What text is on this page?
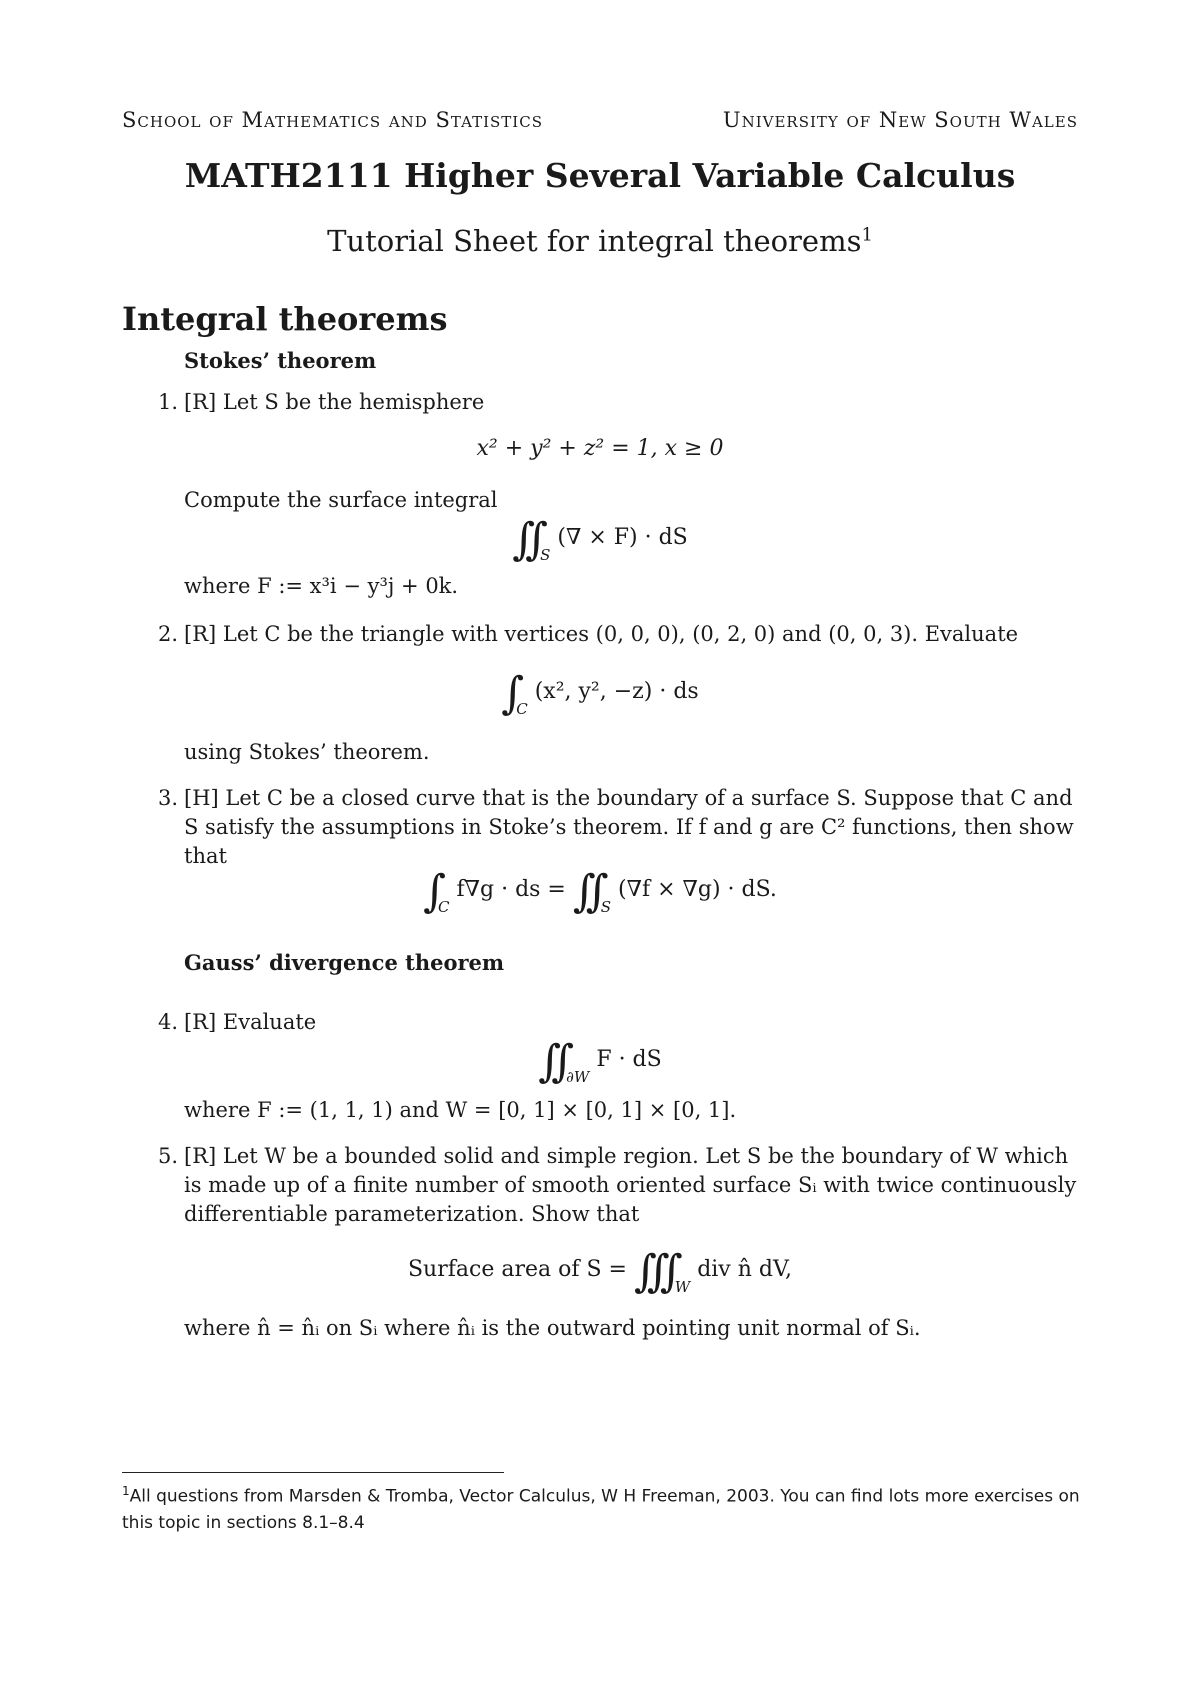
School of Mathematics and Statistics	University of New South Wales
MATH2111 Higher Several Variable Calculus
Tutorial Sheet for integral theorems$^1$
Integral theorems
Stokes’ theorem
1. [R] Let S be the hemisphere
x² + y² + z² = 1, x ≥ 0
Compute the surface integral
∫∫ $_S$ (∇ × F) · dS
where F := x³i − y³j + 0k.
2. [R] Let C be the triangle with vertices (0, 0, 0), (0, 2, 0) and (0, 0, 3). Evaluate
∫ $_C$ (x², y², −z) · ds
using Stokes’ theorem.
3. [H] Let C be a closed curve that is the boundary of a surface S. Suppose that C and S satisfy the assumptions in Stoke’s theorem. If f and g are C² functions, then show that
∫ $_C$ f∇g · ds = ∫∫ $_S$ (∇f × ∇g) · dS.
Gauss’ divergence theorem
4. [R] Evaluate
∫∫ $_{\partial W}$ F · dS
where F := (1, 1, 1) and W = [0, 1] × [0, 1] × [0, 1].
5. [R] Let W be a bounded solid and simple region. Let S be the boundary of W which is made up of a finite number of smooth oriented surface Sᵢ with twice continuously differentiable parameterization. Show that
Surface area of S = ∫∫∫ $_W$ div n̂ dV,
where n̂ = n̂ᵢ on Sᵢ where n̂ᵢ is the outward pointing unit normal of Sᵢ.
$^1$All questions from Marsden & Tromba, Vector Calculus, W H Freeman, 2003. You can find lots more exercises on this topic in sections 8.1–8.4
